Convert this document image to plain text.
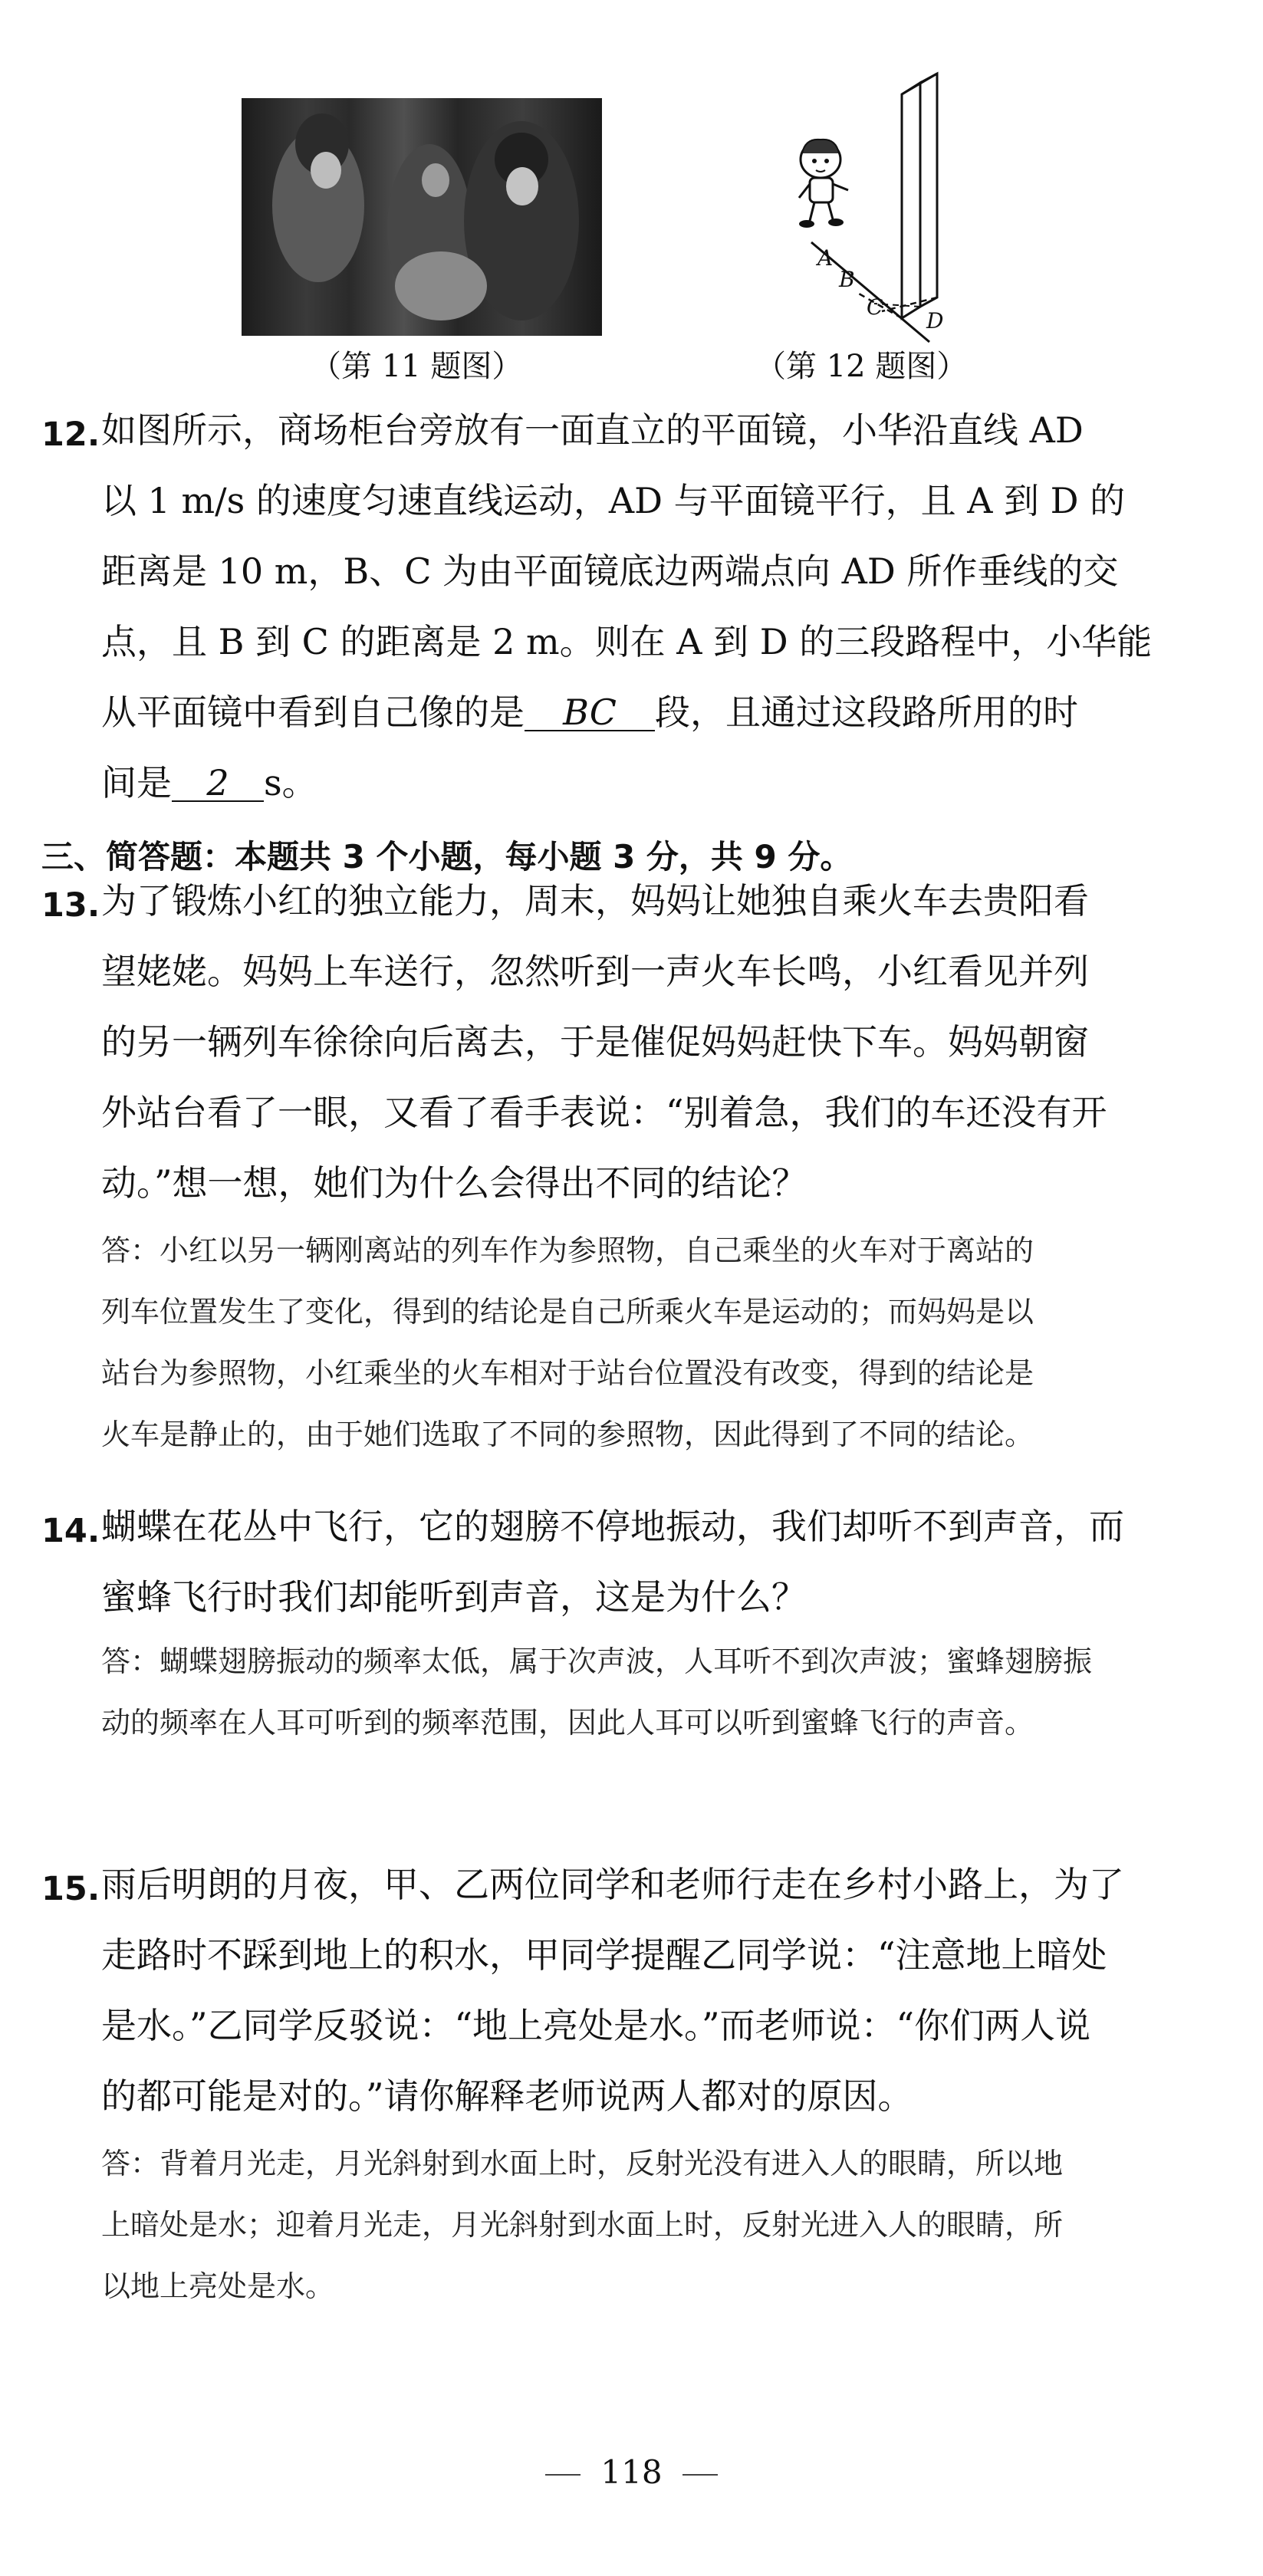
（第 11 题图）
A
B
C
D
（第 12 题图）
12. 如图所示，商场柜台旁放有一面直立的平面镜，小华沿直线 AD
以 1 m/s 的速度匀速直线运动，AD 与平面镜平行，且 A 到 D 的
距离是 10 m，B、C 为由平面镜底边两端点向 AD 所作垂线的交
点，且 B 到 C 的距离是 2 m。则在 A 到 D 的三段路程中，小华能
从平面镜中看到自己像的是 BC 段，且通过这段路所用的时
间是 2 s。
三、简答题：本题共 3 个小题，每小题 3 分，共 9 分。
13. 为了锻炼小红的独立能力，周末，妈妈让她独自乘火车去贵阳看
望姥姥。妈妈上车送行，忽然听到一声火车长鸣，小红看见并列
的另一辆列车徐徐向后离去，于是催促妈妈赶快下车。妈妈朝窗
外站台看了一眼，又看了看手表说：“别着急，我们的车还没有开
动。”想一想，她们为什么会得出不同的结论？
答：小红以另一辆刚离站的列车作为参照物，自己乘坐的火车对于离站的
列车位置发生了变化，得到的结论是自己所乘火车是运动的；而妈妈是以
站台为参照物，小红乘坐的火车相对于站台位置没有改变，得到的结论是
火车是静止的，由于她们选取了不同的参照物，因此得到了不同的结论。
14. 蝴蝶在花丛中飞行，它的翅膀不停地振动，我们却听不到声音，而
蜜蜂飞行时我们却能听到声音，这是为什么？
答：蝴蝶翅膀振动的频率太低，属于次声波，人耳听不到次声波；蜜蜂翅膀振
动的频率在人耳可听到的频率范围，因此人耳可以听到蜜蜂飞行的声音。
15. 雨后明朗的月夜，甲、乙两位同学和老师行走在乡村小路上，为了
走路时不踩到地上的积水，甲同学提醒乙同学说：“注意地上暗处
是水。”乙同学反驳说：“地上亮处是水。”而老师说：“你们两人说
的都可能是对的。”请你解释老师说两人都对的原因。
答：背着月光走，月光斜射到水面上时，反射光没有进入人的眼睛，所以地
上暗处是水；迎着月光走，月光斜射到水面上时，反射光进入人的眼睛，所
以地上亮处是水。
118
